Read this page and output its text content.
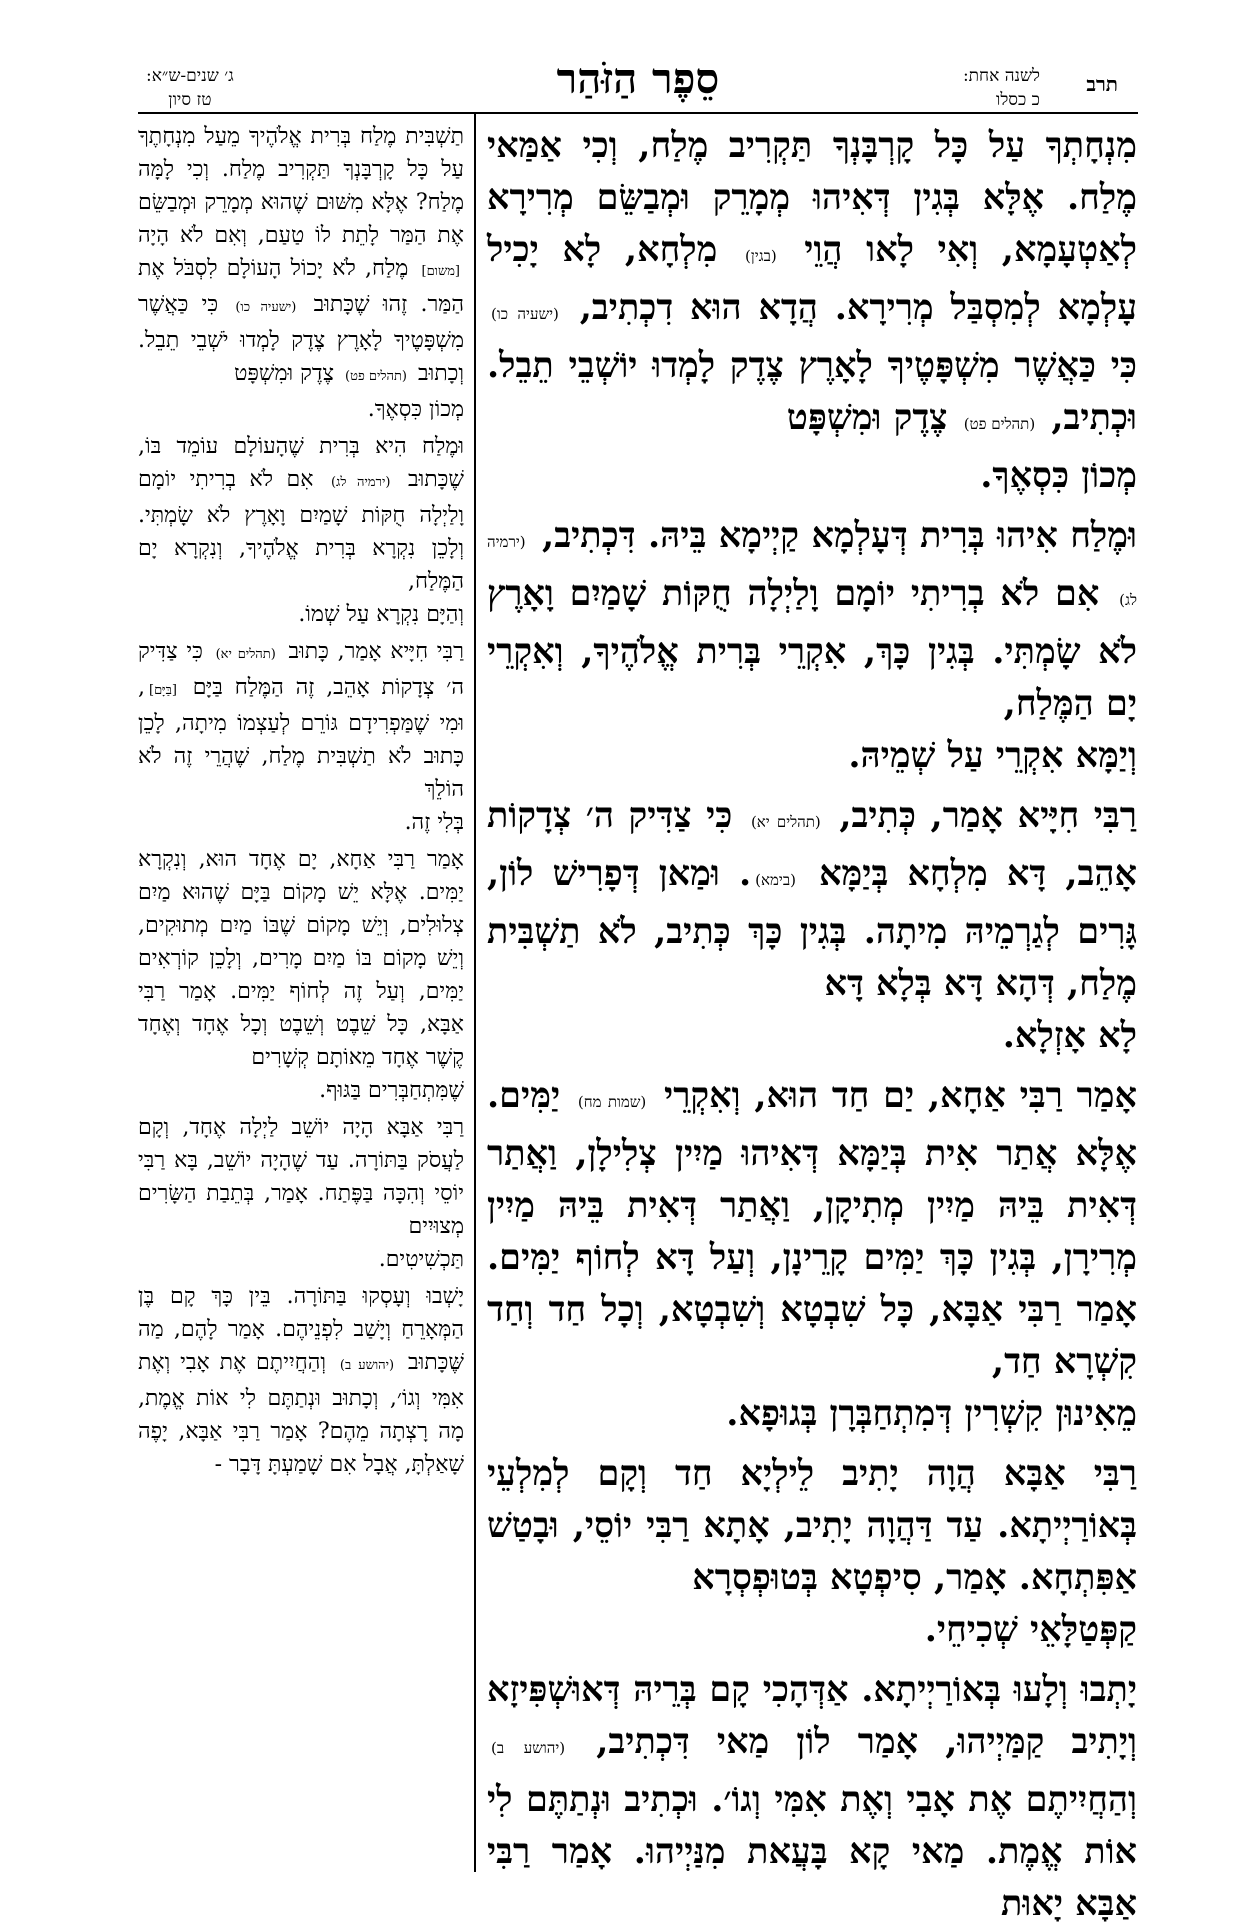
תרב
לשנה אחת:
כ כסלו
סֵפֶר הַזֹּהַר
ג׳ שנים-ש״א:
טז סיון

מִנְחָתְךָ עַל כָּל קָרְבָּנְךָ תַּקְרִיב מֶלַח, וְכִי אַמַּאי מֶלַח. אֶלָּא בְּגִין דְּאִיהוּ מְמָרֵק וּמְבַשֵּׂם מְרִירָא לְאַטְעָמָא, וְאִי לָאו הֲוֵי (בגין) מִלְחָא, לָא יָכִיל עָלְמָא לְמִסְבַּל מְרִירָא. הֲדָא הוּא דִכְתִיב, (ישעיה כו) כִּי כַּאֲשֶׁר מִשְׁפָּטֶיךָ לָאָרֶץ צֶדֶק לָמְדוּ יוֹשְׁבֵי תֵבֵל. וּכְתִיב, (תהלים פט) צֶדֶק וּמִשְׁפָּט
מְכוֹן כִּסְאֶךָ.

וּמֶלַח אִיהוּ בְּרִית דְּעָלְמָא קַיְימָא בֵּיהּ. דִּכְתִיב, (ירמיה לג) אִם לֹא בְרִיתִי יוֹמָם וָלַיְלָה חֻקּוֹת שָׁמַיִם וָאָרֶץ לֹא שָׂמְתִּי. בְּגִין כָּךְ, אִקְרֵי בְּרִית אֱלֹהֶיךָ, וְאִקְרֵי יָם הַמֶּלַח,
וְיַמָּא אִקְרֵי עַל שְׁמֵיהּ.

רַבִּי חִיָּיא אָמַר, כְּתִיב, (תהלים יא) כִּי צַדִּיק ה׳ צְדָקוֹת אָהֵב, דָּא מִלְחָא בְּיַמָּא (בימא). וּמַאן דְּפָרִישׁ לוֹן, גָּרִים לְגַרְמֵיהּ מִיתָה. בְּגִין כָּךְ כְּתִיב, לֹא תַשְׁבִּית מֶלַח, דְּהָא דָּא בְּלָא דָּא
לָא אָזְלָא.

אָמַר רַבִּי אַחָא, יַם חַד הוּא, וְאִקְרֵי (שמות מח) יַמִּים. אֶלָּא אֲתַר אִית בְּיַמָּא דְּאִיהוּ מַיִין צְלִילָן, וַאֲתַר דְּאִית בֵּיהּ מַיִין מְתִיקָן, וַאֲתַר דְּאִית בֵּיהּ מַיִין מְרִירָן, בְּגִין כָּךְ יַמִּים קָרֵינָן, וְעַל דָּא לְחוֹף יַמִּים. אָמַר רַבִּי אַבָּא, כָּל שִׁבְטָא וְשִׁבְטָא, וְכָל חַד וְחַד קִשְׁרָא חַד,
מֵאִינוּן קִשְׁרִין דְּמִתְחַבְּרָן בְּגוּפָא.

רַבִּי אַבָּא הֲוָה יָתִיב לֵילְיָא חַד וְקָם לְמִלְעֵי בְּאוֹרַיְיתָא. עַד דַּהֲוָה יָתִיב, אָתָא רַבִּי יוֹסֵי, וּבָטַשׁ אַפִּתְחָא. אָמַר, סִיפְטָא בְּטוּפְסְרָא
קַפְּטַלָּאֵי שְׁכִיחֵי.

יָתְבוּ וְלָעוּ בְּאוֹרַיְיתָא. אַדְּהָכִי קָם בְּרֵיהּ דְּאוּשְׁפִּיזָא וְיָתִיב קַמַּיְיהוּ, אָמַר לוֹן מַאי דִּכְתִיב, (יהושע ב) וְהַחֲיִיתֶם אֶת אָבִי וְאֶת אִמִּי וְגוֹ׳. וּכְתִיב וּנְתַתֶּם לִי אוֹת אֱמֶת. מַאי קָא בָּעֲאת מִנַּיְיהוּ. אָמַר רַבִּי אַבָּא יָאוּת

תַשְׁבִּית מֶלַח בְּרִית אֱלֹהֶיךָ מֵעַל מִנְחָתֶךָ עַל כָּל קָרְבָּנְךָ תַּקְרִיב מֶלַח. וְכִי לָמָּה מֶלַח? אֶלָּא מִשּׁוּם שֶׁהוּא מְמָרֵק וּמְבַשֵּׂם אֶת הַמַּר לָתֵת לוֹ טַעַם, וְאִם לֹא הָיָה [משום] מֶלַח, לֹא יָכוֹל הָעוֹלָם לִסְבֹּל אֶת הַמַּר. זֶהוּ שֶׁכָּתוּב (ישעיה כו) כִּי כַּאֲשֶׁר מִשְׁפָּטֶיךָ לָאָרֶץ צֶדֶק לָמְדוּ יֹשְׁבֵי תֵבֵל. וְכָתוּב (תהלים פט) צֶדֶק וּמִשְׁפָּט
מְכוֹן כִּסְאֶךָ.

וּמֶלַח הִיא בְּרִית שֶׁהָעוֹלָם עוֹמֵד בּוֹ, שֶׁכָּתוּב (ירמיה לג) אִם לֹא בְרִיתִי יוֹמָם וָלַיְלָה חֻקּוֹת שָׁמַיִם וָאָרֶץ לֹא שָׂמְתִּי. וְלָכֵן נִקְרָא בְּרִית אֱלֹהֶיךָ, וְנִקְרָא יָם הַמֶּלַח,
וְהַיָּם נִקְרָא עַל שְׁמוֹ.

רַבִּי חִיָּיא אָמַר, כָּתוּב (תהלים יא) כִּי צַדִּיק ה׳ צְדָקוֹת אָהֵב, זֶה הַמֶּלַח בַּיָּם [בַּיָּם], וּמִי שֶׁמַּפְרִידָם גּוֹרֵם לְעַצְמוֹ מִיתָה, לָכֵן כָּתוּב לֹא תַשְׁבִּית מֶלַח, שֶׁהֲרֵי זֶה לֹא הוֹלֵךְ
בְּלִי זֶה.

אָמַר רַבִּי אַחָא, יָם אֶחָד הוּא, וְנִקְרָא יַמִּים. אֶלָּא יֵשׁ מָקוֹם בַּיָּם שֶׁהוּא מַיִם צְלוּלִים, וְיֵשׁ מָקוֹם שֶׁבּוֹ מַיִם מְתוּקִים, וְיֵשׁ מָקוֹם בּוֹ מַיִם מָרִים, וְלָכֵן קוֹרְאִים יַמִּים, וְעַל זֶה לְחוֹף יַמִּים. אָמַר רַבִּי אַבָּא, כָּל שֵׁבֶט וְשֵׁבֶט וְכָל אֶחָד וְאֶחָד קֶשֶׁר אֶחָד מֵאוֹתָם קְשָׁרִים
שֶׁמִּתְחַבְּרִים בַּגּוּף.

רַבִּי אַבָּא הָיָה יוֹשֵׁב לַיְלָה אֶחָד, וְקָם לַעֲסֹק בַּתּוֹרָה. עַד שֶׁהָיָה יוֹשֵׁב, בָּא רַבִּי יוֹסֵי וְהִכָּה בַּפֶּתַח. אָמַר, בְּתֵבַת הַשָּׂרִים מְצוּיִים
תַּכְשִׁיטִים.

יָשְׁבוּ וְעָסְקוּ בַּתּוֹרָה. בֵּין כָּךְ קָם בֶּן הַמְּאָרֵחַ וְיָשַׁב לִפְנֵיהֶם. אָמַר לָהֶם, מַה שֶּׁכָּתוּב (יהושע ב) וְהַחֲיִיתֶם אֶת אָבִי וְאֶת אִמִּי וְגוֹ׳, וְכָתוּב וּנְתַתֶּם לִי אוֹת אֱמֶת, מָה רָצְתָה מֵהֶם? אָמַר רַבִּי אַבָּא, יָפֶה שָׁאַלְתָּ, אֲבָל אִם שָׁמַעְתָּ דָּבָר -
